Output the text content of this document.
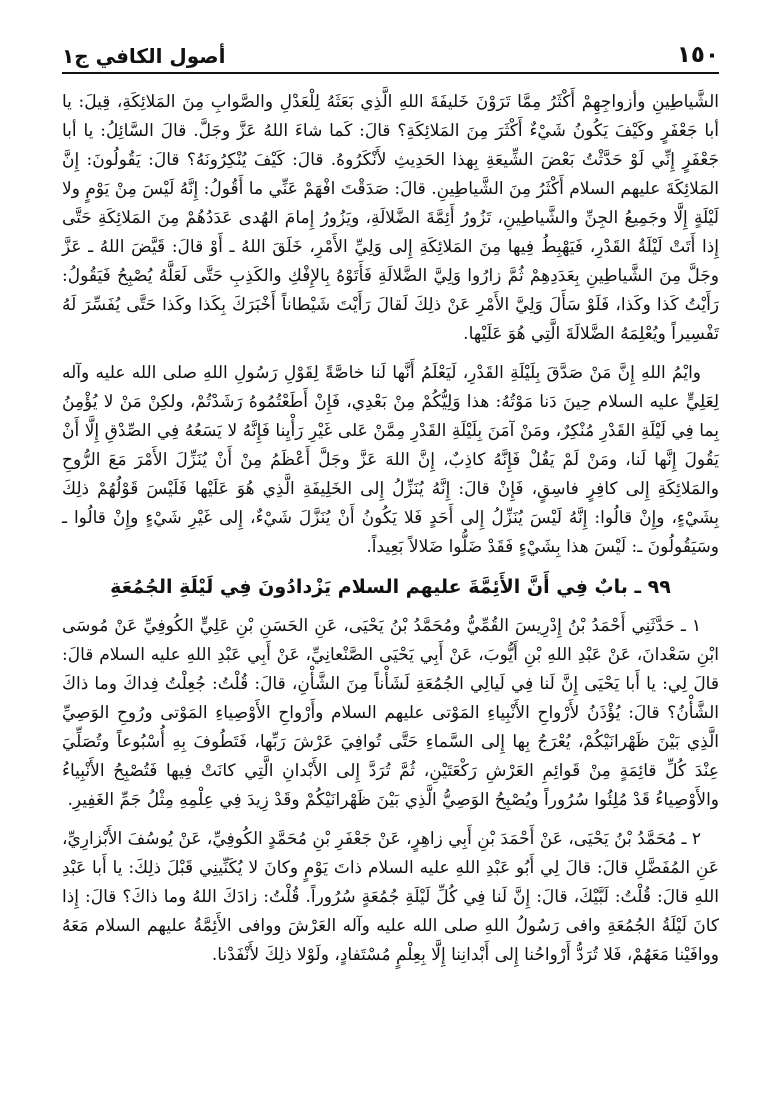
١٥٠
أصول الكافي ج١

الشَّياطِينِ وأزواجِهِمْ أَكْثَرُ مِمَّا تَرَوْنَ خَليفَةَ اللهِ الَّذِي بَعَثَهُ لِلْعَدْلِ والصَّوابِ مِنَ المَلائِكَةِ، قِيلَ: يا أبا جَعْفَرٍ وكَيْفَ يَكُونُ شَيْءٌ أَكْثَرَ مِنَ المَلائِكَةِ؟ قالَ: كَما شاءَ اللهُ عَزَّ وجَلَّ. قالَ السَّائِلُ: يا أبا جَعْفَرٍ إِنِّي لَوْ حَدَّثْتُ بَعْضَ الشِّيعَةِ بِهذا الحَدِيثِ لأَنْكَرُوهُ. قالَ: كَيْفَ يُنْكِرُونَهُ؟ قالَ: يَقُولُونَ: إِنَّ المَلائِكَةَ عليهم السلام أَكْثَرُ مِنَ الشَّياطِينِ. قالَ: صَدَقْتَ افْهَمْ عَنِّي ما أَقُولُ: إِنَّهُ لَيْسَ مِنْ يَوْمٍ ولا لَيْلَةٍ إِلَّا وجَمِيعُ الجِنِّ والشَّياطِينِ، تَزُورُ أَئِمَّةَ الضَّلالَةِ، ويَزُورُ إِمامَ الهُدى عَدَدُهُمْ مِنَ المَلائِكَةِ حَتَّى إِذا أَتَتْ لَيْلَةُ القَدْرِ، فَيَهْبِطُ فِيها مِنَ المَلائِكَةِ إِلى وَلِيِّ الأَمْرِ، خَلَقَ اللهُ ـ أَوْ قالَ: قَيَّضَ اللهُ ـ عَزَّ وجَلَّ مِنَ الشَّياطِينِ بِعَدَدِهِمْ ثُمَّ زارُوا وَلِيَّ الضَّلالَةِ فَأَتَوْهُ بِالإِفْكِ والكَذِبِ حَتَّى لَعَلَّهُ يُصْبِحُ فَيَقُولُ: رَأَيْتُ كَذا وكَذا، فَلَوْ سَأَلَ وَلِيَّ الأَمْرِ عَنْ ذلِكَ لَقالَ رَأَيْتَ شَيْطاناً أَخْبَرَكَ بِكَذا وكَذا حَتَّى يُفَسِّرَ لَهُ تَفْسِيراً ويُعْلِمَهُ الضَّلالَةَ الَّتِي هُوَ عَلَيْها.

وايْمُ اللهِ إِنَّ مَنْ صَدَّقَ بِلَيْلَةِ القَدْرِ، لَيَعْلَمُ أَنَّها لَنا خاصَّةً لِقَوْلِ رَسُولِ اللهِ صلى الله عليه وآله لِعَلِيٍّ عليه السلام حِينَ دَنا مَوْتُهُ: هذا وَلِيُّكُمْ مِنْ بَعْدِي، فَإِنْ أَطَعْتُمُوهُ رَشَدْتُمْ، ولكِنْ مَنْ لا يُؤْمِنُ بِما فِي لَيْلَةِ القَدْرِ مُنْكِرٌ، ومَنْ آمَنَ بِلَيْلَةِ القَدْرِ مِمَّنْ عَلى غَيْرِ رَأْيِنا فَإِنَّهُ لا يَسَعُهُ فِي الصِّدْقِ إِلَّا أَنْ يَقُولَ إِنَّها لَنا، ومَنْ لَمْ يَقُلْ فَإِنَّهُ كاذِبٌ، إِنَّ اللهَ عَزَّ وجَلَّ أَعْظَمُ مِنْ أَنْ يُنَزِّلَ الأَمْرَ مَعَ الرُّوحِ والمَلائِكَةِ إِلى كافِرٍ فاسِقٍ، فَإِنْ قالَ: إِنَّهُ يُنَزِّلُ إِلى الخَلِيفَةِ الَّذِي هُوَ عَلَيْها فَلَيْسَ قَوْلُهُمْ ذلِكَ بِشَيْءٍ، وإِنْ قالُوا: إِنَّهُ لَيْسَ يُنَزِّلُ إِلى أَحَدٍ فَلا يَكُونُ أَنْ يُنَزَّلَ شَيْءٌ، إِلى غَيْرِ شَيْءٍ وإِنْ قالُوا ـ وسَيَقُولُونَ ـ: لَيْسَ هذا بِشَيْءٍ فَقَدْ ضَلُّوا ضَلالاً بَعِيداً.

٩٩ ـ بابٌ فِي أَنَّ الأَئِمَّةَ عليهم السلام يَزْدادُونَ فِي لَيْلَةِ الجُمُعَةِ

١ ـ حَدَّثَنِي أَحْمَدُ بْنُ إِدْرِيسَ القُمِّيُّ ومُحَمَّدُ بْنُ يَحْيَى، عَنِ الحَسَنِ بْنِ عَلِيٍّ الكُوفِيِّ عَنْ مُوسَى ابْنِ سَعْدانَ، عَنْ عَبْدِ اللهِ بْنِ أَيُّوبَ، عَنْ أَبِي يَحْيَى الصَّنْعانِيِّ، عَنْ أَبِي عَبْدِ اللهِ عليه السلام قالَ: قالَ لِي: يا أَبا يَحْيَى إِنَّ لَنا فِي لَيالِي الجُمُعَةِ لَشَأْناً مِنَ الشَّأْنِ، قالَ: قُلْتُ: جُعِلْتُ فِداكَ وما ذاكَ الشَّأْنُ؟ قالَ: يُؤْذَنُ لأَرْواحِ الأَنْبِياءِ المَوْتى عليهم السلام وأَرْواحِ الأَوْصِياءِ المَوْتى ورُوحِ الوَصِيِّ الَّذِي بَيْنَ ظَهْرانَيْكُمْ، يُعْرَجُ بِها إِلى السَّماءِ حَتَّى تُوافِيَ عَرْشَ رَبِّها، فَتَطُوفَ بِهِ أُسْبُوعاً وتُصَلِّيَ عِنْدَ كُلِّ قائِمَةٍ مِنْ قَوائِمِ العَرْشِ رَكْعَتَيْنِ، ثُمَّ تُرَدَّ إِلى الأَبْدانِ الَّتِي كانَتْ فِيها فَتُصْبِحُ الأَنْبِياءُ والأَوْصِياءُ قَدْ مُلِئُوا سُرُوراً ويُصْبِحُ الوَصِيُّ الَّذِي بَيْنَ ظَهْرانَيْكُمْ وقَدْ زِيدَ فِي عِلْمِهِ مِثْلُ جَمِّ الغَفِيرِ.

٢ ـ مُحَمَّدُ بْنُ يَحْيَى، عَنْ أَحْمَدَ بْنِ أَبِي زاهِرٍ، عَنْ جَعْفَرِ بْنِ مُحَمَّدٍ الكُوفِيِّ، عَنْ يُوسُفَ الأَبْزارِيِّ، عَنِ المُفَضَّلِ قالَ: قالَ لِي أَبُو عَبْدِ اللهِ عليه السلام ذاتَ يَوْمٍ وكانَ لا يُكَنِّينِي قَبْلَ ذلِكَ: يا أَبا عَبْدِ اللهِ قالَ: قُلْتُ: لَبَّيْكَ، قالَ: إِنَّ لَنا فِي كُلِّ لَيْلَةِ جُمُعَةٍ سُرُوراً. قُلْتُ: زادَكَ اللهُ وما ذاكَ؟ قالَ: إِذا كانَ لَيْلَةُ الجُمُعَةِ وافى رَسُولُ اللهِ صلى الله عليه وآله العَرْشَ ووافى الأَئِمَّةُ عليهم السلام مَعَهُ ووافَيْنا مَعَهُمْ، فَلا تُرَدُّ أَرْواحُنا إِلى أَبْدانِنا إِلَّا بِعِلْمٍ مُسْتَفادٍ، ولَوْلا ذلِكَ لأَنْفَدْنا.
